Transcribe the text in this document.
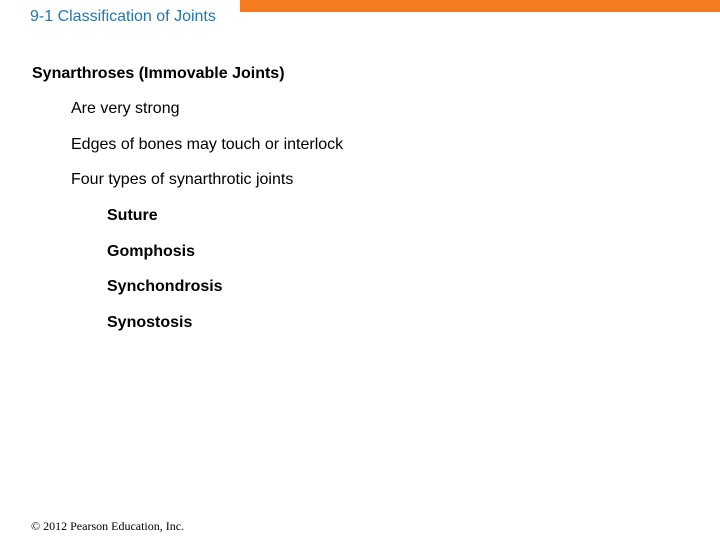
9-1 Classification of Joints
Synarthroses (Immovable Joints)
Are very strong
Edges of bones may touch or interlock
Four types of synarthrotic joints
Suture
Gomphosis
Synchondrosis
Synostosis
© 2012 Pearson Education, Inc.
